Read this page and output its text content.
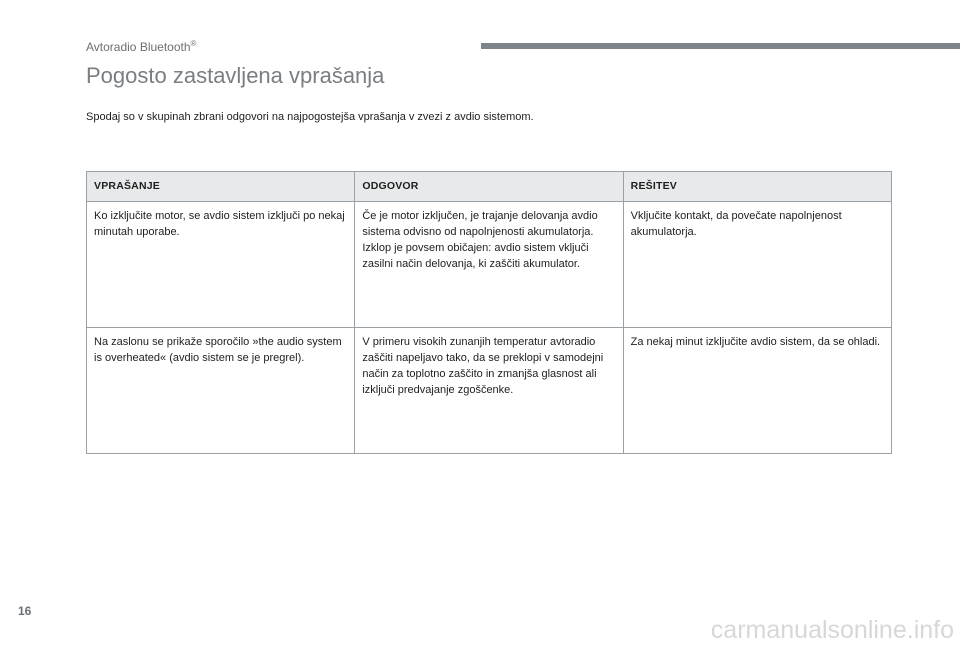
Avtoradio Bluetooth®
Pogosto zastavljena vprašanja

Spodaj so v skupinah zbrani odgovori na najpogostejša vprašanja v zvezi z avdio sistemom.

VPRAŠANJE	ODGOVOR	REŠITEV
Ko izključite motor, se avdio sistem izključi po nekaj minutah uporabe.	Če je motor izključen, je trajanje delovanja avdio sistema odvisno od napolnjenosti akumulatorja. Izklop je povsem običajen: avdio sistem vključi zasilni način delovanja, ki zaščiti akumulator.	Vključite kontakt, da povečate napolnjenost akumulatorja.
Na zaslonu se prikaže sporočilo »the audio system is overheated« (avdio sistem se je pregrel).	V primeru visokih zunanjih temperatur avtoradio zaščiti napeljavo tako, da se preklopi v samodejni način za toplotno zaščito in zmanjša glasnost ali izključi predvajanje zgoščenke.	Za nekaj minut izključite avdio sistem, da se ohladi.
16
carmanualsonline.info
